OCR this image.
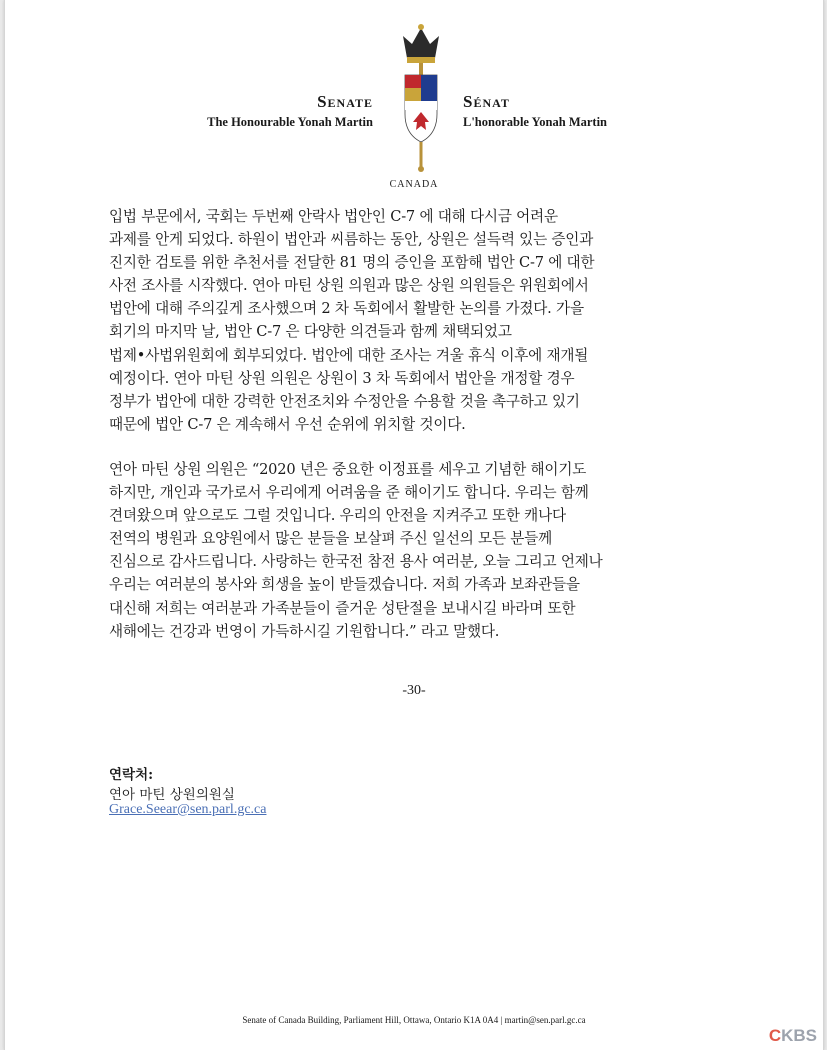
Senate
The Honourable Yonah Martin
Sénat
L'honorable Yonah Martin
CANADA
입법 부문에서, 국회는 두번째 안락사 법안인 C-7 에 대해 다시금 어려운
과제를 안게 되었다. 하원이 법안과 씨름하는 동안, 상원은 설득력 있는 증인과
진지한 검토를 위한 추천서를 전달한 81 명의 증인을 포함해 법안 C-7 에 대한
사전 조사를 시작했다. 연아 마틴 상원 의원과 많은 상원 의원들은 위원회에서
법안에 대해 주의깊게 조사했으며 2 차 독회에서 활발한 논의를 가졌다. 가을
회기의 마지막 날, 법안 C-7 은 다양한 의견들과 함께 채택되었고
법제•사법위원회에 회부되었다. 법안에 대한 조사는 겨울 휴식 이후에 재개될
예정이다. 연아 마틴 상원 의원은 상원이 3 차 독회에서 법안을 개정할 경우
정부가 법안에 대한 강력한 안전조치와 수정안을 수용할 것을 촉구하고 있기
때문에 법안 C-7 은 계속해서 우선 순위에 위치할 것이다.
연아 마틴 상원 의원은 “2020 년은 중요한 이정표를 세우고 기념한 해이기도
하지만, 개인과 국가로서 우리에게 어려움을 준 해이기도 합니다. 우리는 함께
견뎌왔으며 앞으로도 그럴 것입니다. 우리의 안전을 지켜주고 또한 캐나다
전역의 병원과 요양원에서 많은 분들을 보살펴 주신 일선의 모든 분들께
진심으로 감사드립니다. 사랑하는 한국전 참전 용사 여러분, 오늘 그리고 언제나
우리는 여러분의 봉사와 희생을 높이 받들겠습니다. 저희 가족과 보좌관들을
대신해 저희는 여러분과 가족분들이 즐거운 성탄절을 보내시길 바라며 또한
새해에는 건강과 번영이 가득하시길 기원합니다.” 라고 말했다.
-30-
연락처:
연아 마틴 상원의원실
Grace.Seear@sen.parl.gc.ca
Senate of Canada Building, Parliament Hill, Ottawa, Ontario K1A 0A4 | martin@sen.parl.gc.ca
CKBS
